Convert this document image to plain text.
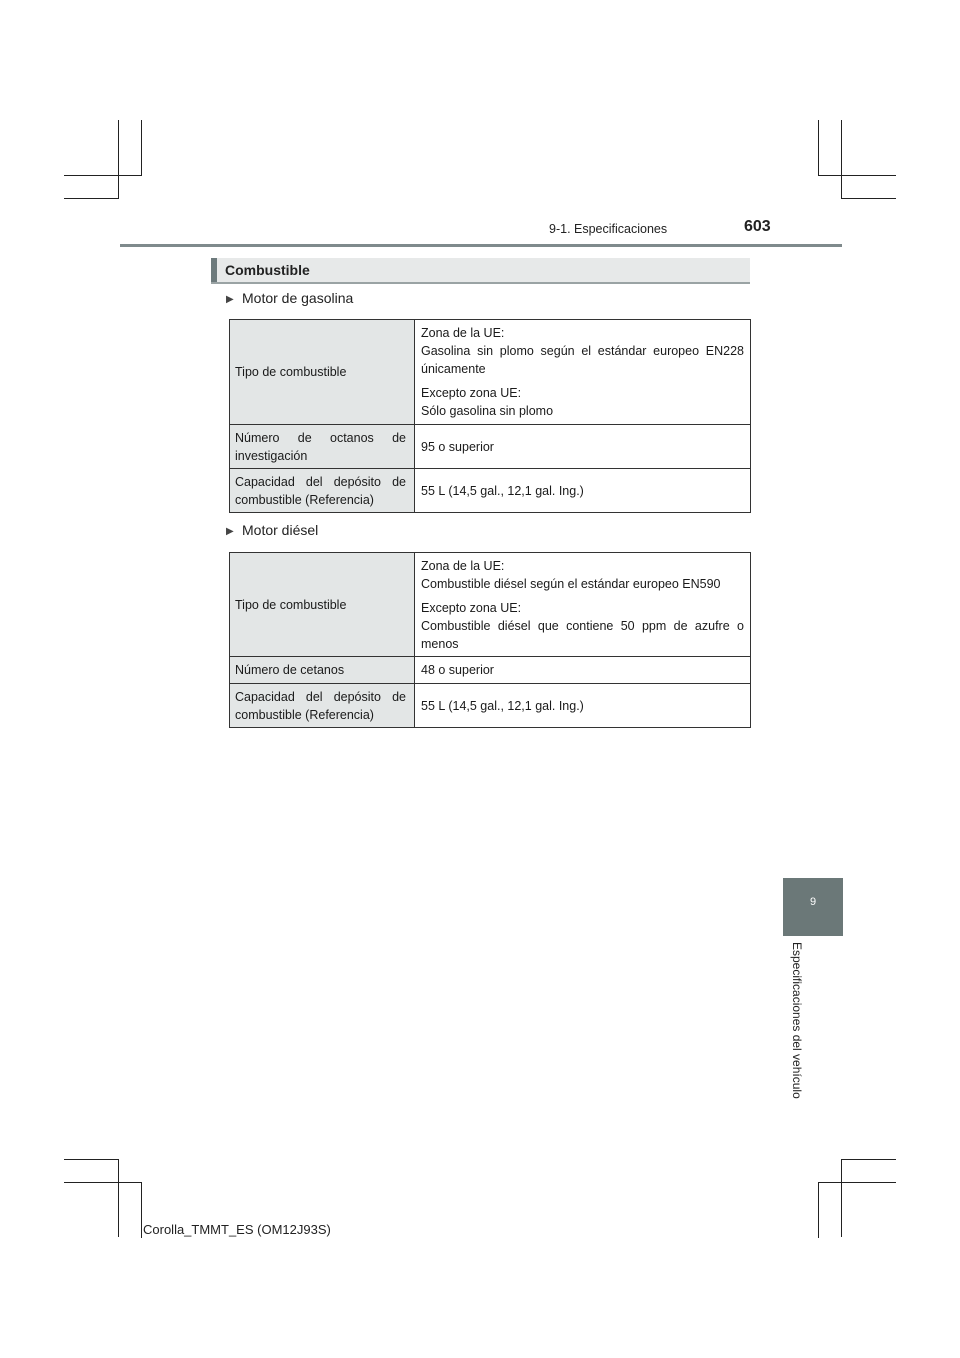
9-1. Especificaciones	603
Combustible
▶ Motor de gasolina
Tipo de combustible	Zona de la UE:
Gasolina sin plomo según el estándar europeo EN228 únicamente

Excepto zona UE:
Sólo gasolina sin plomo

Número de octanos de investigación	95 o superior
Capacidad del depósito de combustible (Referencia)	55 L (14,5 gal., 12,1 gal. Ing.)
▶ Motor diésel
Tipo de combustible	Zona de la UE:
Combustible diésel según el estándar europeo EN590

Excepto zona UE:
Combustible diésel que contiene 50 ppm de azufre o menos

Número de cetanos	48 o superior
Capacidad del depósito de combustible (Referencia)	55 L (14,5 gal., 12,1 gal. Ing.)
9
Especificaciones del vehículo
Corolla_TMMT_ES (OM12J93S)
